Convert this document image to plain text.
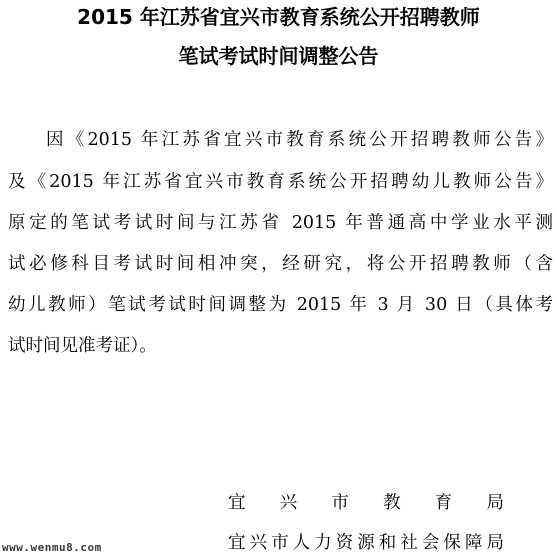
2015 年江苏省宜兴市教育系统公开招聘教师
笔试考试时间调整公告
因《2015 年江苏省宜兴市教育系统公开招聘教师公告》
及《2015 年江苏省宜兴市教育系统公开招聘幼儿教师公告》
原定的笔试考试时间与江苏省 2015 年普通高中学业水平测
试必修科目考试时间相冲突，经研究，将公开招聘教师（含
幼儿教师）笔试考试时间调整为 2015 年 3 月 30 日（具体考
试时间见准考证）。
宜兴市教育局
宜兴市人力资源和社会保障局
www.wenmu8.com
